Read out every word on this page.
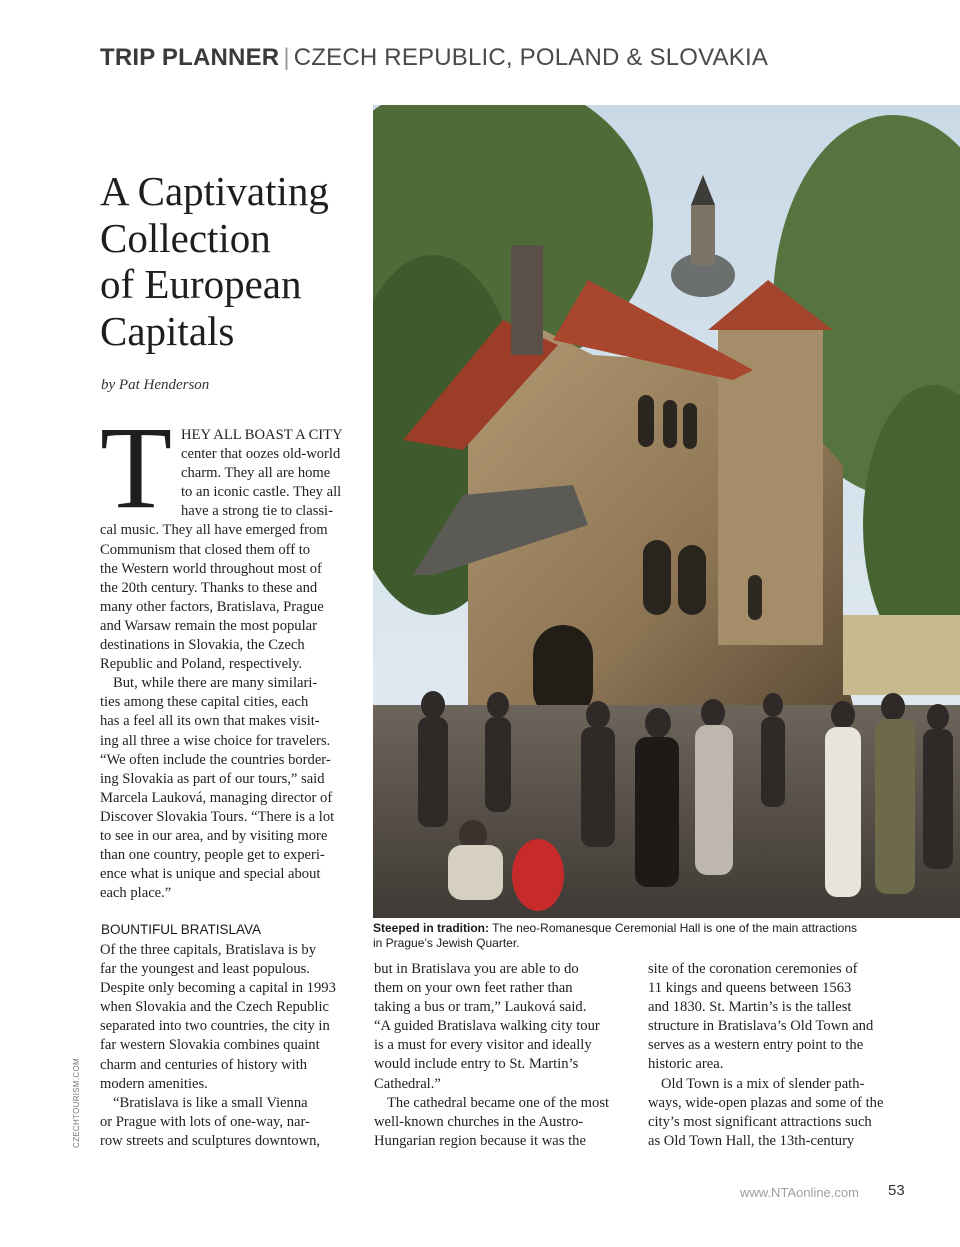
TRIP PLANNER | CZECH REPUBLIC, POLAND & SLOVAKIA
A Captivating
Collection
of European
Capitals
by Pat Henderson
T HEY ALL BOAST A CITY
center that oozes old-world
charm. They all are home
to an iconic castle. They all
have a strong tie to classi-
cal music. They all have emerged from
Communism that closed them off to
the Western world throughout most of
the 20th century. Thanks to these and
many other factors, Bratislava, Prague
and Warsaw remain the most popular
destinations in Slovakia, the Czech
Republic and Poland, respectively.
But, while there are many similari-
ties among these capital cities, each
has a feel all its own that makes visit-
ing all three a wise choice for travelers.
“We often include the countries border-
ing Slovakia as part of our tours,” said
Marcela Lauková, managing director of
Discover Slovakia Tours. “There is a lot
to see in our area, and by visiting more
than one country, people get to experi-
ence what is unique and special about
each place.”
BOUNTIFUL BRATISLAVA
Of the three capitals, Bratislava is by
far the youngest and least populous.
Despite only becoming a capital in 1993
when Slovakia and the Czech Republic
separated into two countries, the city in
far western Slovakia combines quaint
charm and centuries of history with
modern amenities.
“Bratislava is like a small Vienna
or Prague with lots of one-way, nar-
row streets and sculptures downtown,
Steeped in tradition: The neo-Romanesque Ceremonial Hall is one of the main attractions
in Prague’s Jewish Quarter.
but in Bratislava you are able to do
them on your own feet rather than
taking a bus or tram,” Lauková said.
“A guided Bratislava walking city tour
is a must for every visitor and ideally
would include entry to St. Martin’s
Cathedral.”
The cathedral became one of the most
well-known churches in the Austro-
Hungarian region because it was the
site of the coronation ceremonies of
11 kings and queens between 1563
and 1830. St. Martin’s is the tallest
structure in Bratislava’s Old Town and
serves as a western entry point to the
historic area.
Old Town is a mix of slender path-
ways, wide-open plazas and some of the
city’s most significant attractions such
as Old Town Hall, the 13th-century
CZECHTOURISM.COM
www.NTAonline.com 53
